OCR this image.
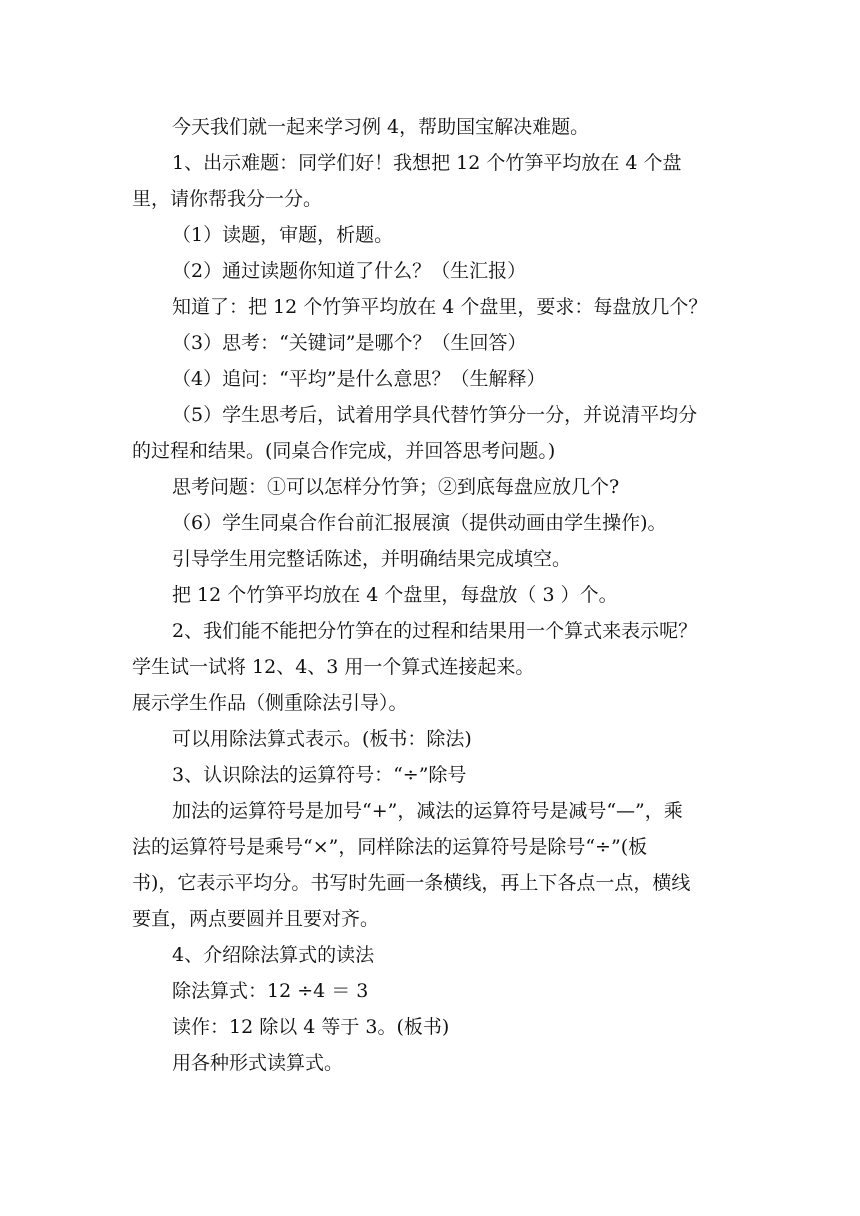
今天我们就一起来学习例 4，帮助国宝解决难题。
1、出示难题：同学们好！我想把 12 个竹笋平均放在 4 个盘
里，请你帮我分一分。
（1）读题，审题，析题。
（2）通过读题你知道了什么？（生汇报）
知道了：把 12 个竹笋平均放在 4 个盘里，要求：每盘放几个？
（3）思考：“关键词”是哪个？（生回答）
（4）追问：“平均”是什么意思？（生解释）
（5）学生思考后，试着用学具代替竹笋分一分，并说清平均分
的过程和结果。(同桌合作完成，并回答思考问题。)
思考问题：①可以怎样分竹笋；②到底每盘应放几个?
（6）学生同桌合作台前汇报展演（提供动画由学生操作)。
引导学生用完整话陈述，并明确结果完成填空。
把 12 个竹笋平均放在 4 个盘里，每盘放（ 3 ）个。
2、我们能不能把分竹笋在的过程和结果用一个算式来表示呢？
学生试一试将 12、4、3 用一个算式连接起来。
展示学生作品（侧重除法引导）。
可以用除法算式表示。(板书：除法)
3、认识除法的运算符号：“÷”除号
加法的运算符号是加号“+”，减法的运算符号是减号“—”，乘
法的运算符号是乘号“×”，同样除法的运算符号是除号“÷”(板
书)，它表示平均分。书写时先画一条横线，再上下各点一点，横线
要直，两点要圆并且要对齐。
4、介绍除法算式的读法
除法算式：12 ÷4 ＝ 3
读作：12 除以 4 等于 3。(板书)
用各种形式读算式。
